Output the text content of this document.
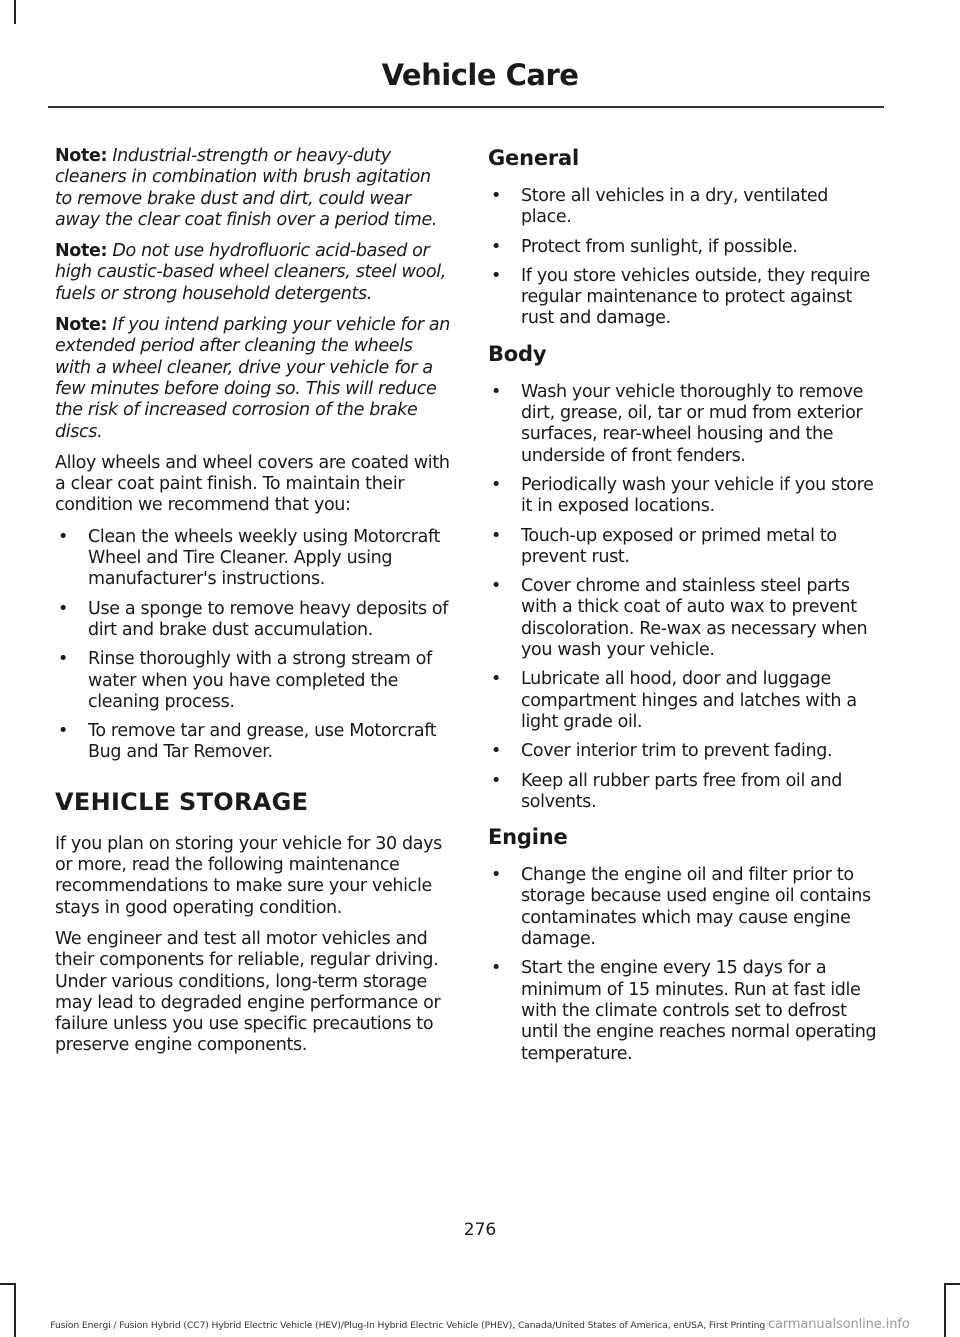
Vehicle Care

Note: Industrial-strength or heavy-duty cleaners in combination with brush agitation to remove brake dust and dirt, could wear away the clear coat finish over a period time.

Note: Do not use hydrofluoric acid-based or high caustic-based wheel cleaners, steel wool, fuels or strong household detergents.

Note: If you intend parking your vehicle for an extended period after cleaning the wheels with a wheel cleaner, drive your vehicle for a few minutes before doing so. This will reduce the risk of increased corrosion of the brake discs.

Alloy wheels and wheel covers are coated with a clear coat paint finish. To maintain their condition we recommend that you:

• Clean the wheels weekly using Motorcraft Wheel and Tire Cleaner. Apply using manufacturer's instructions.
• Use a sponge to remove heavy deposits of dirt and brake dust accumulation.
• Rinse thoroughly with a strong stream of water when you have completed the cleaning process.
• To remove tar and grease, use Motorcraft Bug and Tar Remover.
VEHICLE STORAGE

If you plan on storing your vehicle for 30 days or more, read the following maintenance recommendations to make sure your vehicle stays in good operating condition.

We engineer and test all motor vehicles and their components for reliable, regular driving. Under various conditions, long-term storage may lead to degraded engine performance or failure unless you use specific precautions to preserve engine components.

General
• Store all vehicles in a dry, ventilated place.
• Protect from sunlight, if possible.
• If you store vehicles outside, they require regular maintenance to protect against rust and damage.
Body
• Wash your vehicle thoroughly to remove dirt, grease, oil, tar or mud from exterior surfaces, rear-wheel housing and the underside of front fenders.
• Periodically wash your vehicle if you store it in exposed locations.
• Touch-up exposed or primed metal to prevent rust.
• Cover chrome and stainless steel parts with a thick coat of auto wax to prevent discoloration. Re-wax as necessary when you wash your vehicle.
• Lubricate all hood, door and luggage compartment hinges and latches with a light grade oil.
• Cover interior trim to prevent fading.
• Keep all rubber parts free from oil and solvents.
Engine
• Change the engine oil and filter prior to storage because used engine oil contains contaminates which may cause engine damage.
• Start the engine every 15 days for a minimum of 15 minutes. Run at fast idle with the climate controls set to defrost until the engine reaches normal operating temperature.
276
Fusion Energi / Fusion Hybrid (CC7) Hybrid Electric Vehicle (HEV)/Plug-In Hybrid Electric Vehicle (PHEV), Canada/United States of America, enUSA, First Printing carmanualsonline.info
